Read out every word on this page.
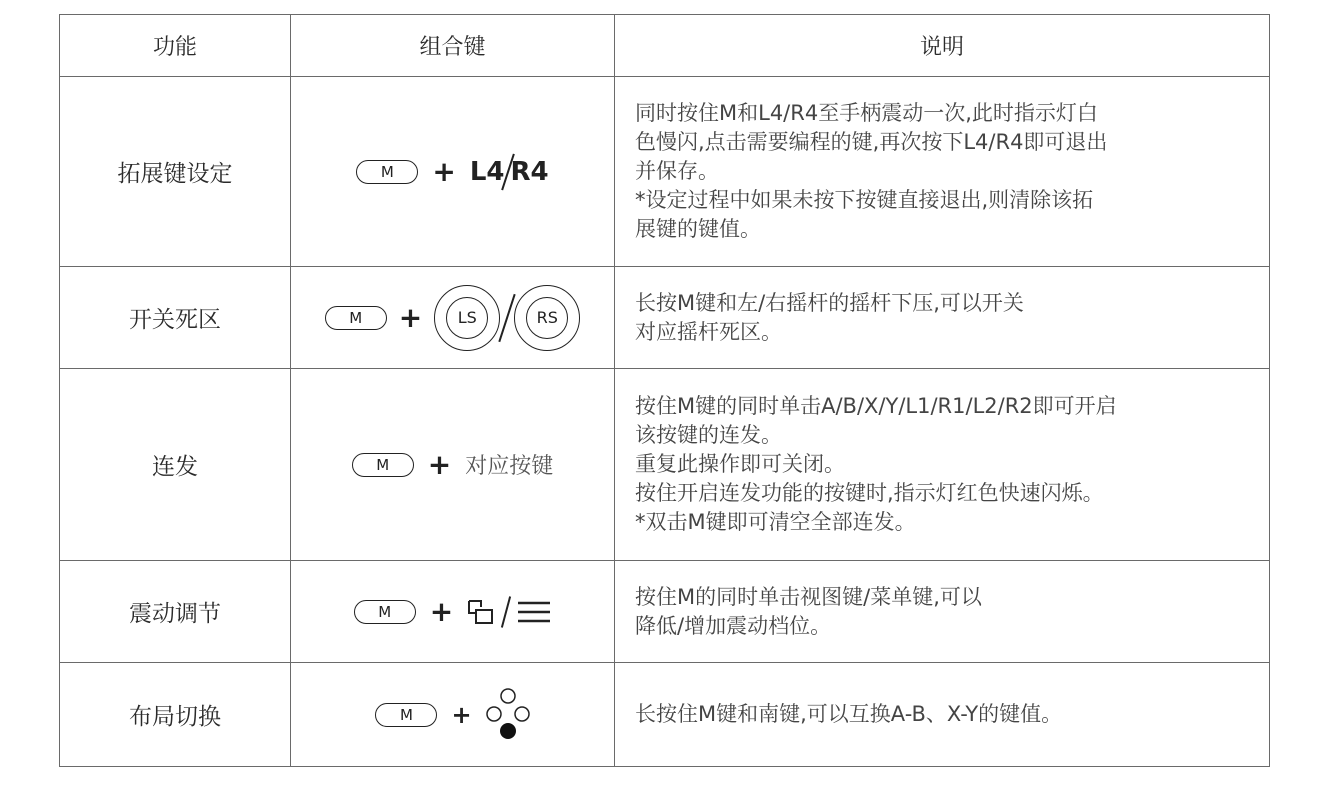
功能	组合键	说明
拓展键设定	M + L4 R4	同时按住M和L4/R4至手柄震动一次,此时指示灯白
色慢闪,点击需要编程的键,再次按下L4/R4即可退出
并保存。
*设定过程中如果未按下按键直接退出,则清除该拓
展键的键值。

开关死区	M + LS RS	长按M键和左/右摇杆的摇杆下压,可以开关
对应摇杆死区。

连发	M + 对应按键	按住M键的同时单击A/B/X/Y/L1/R1/L2/R2即可开启
该按键的连发。
重复此操作即可关闭。
按住开启连发功能的按键时,指示灯红色快速闪烁。
*双击M键即可清空全部连发。

震动调节	M +	按住M的同时单击视图键/菜单键,可以
降低/增加震动档位。

布局切换	M +	长按住M键和南键,可以互换A-B、X-Y的键值。
